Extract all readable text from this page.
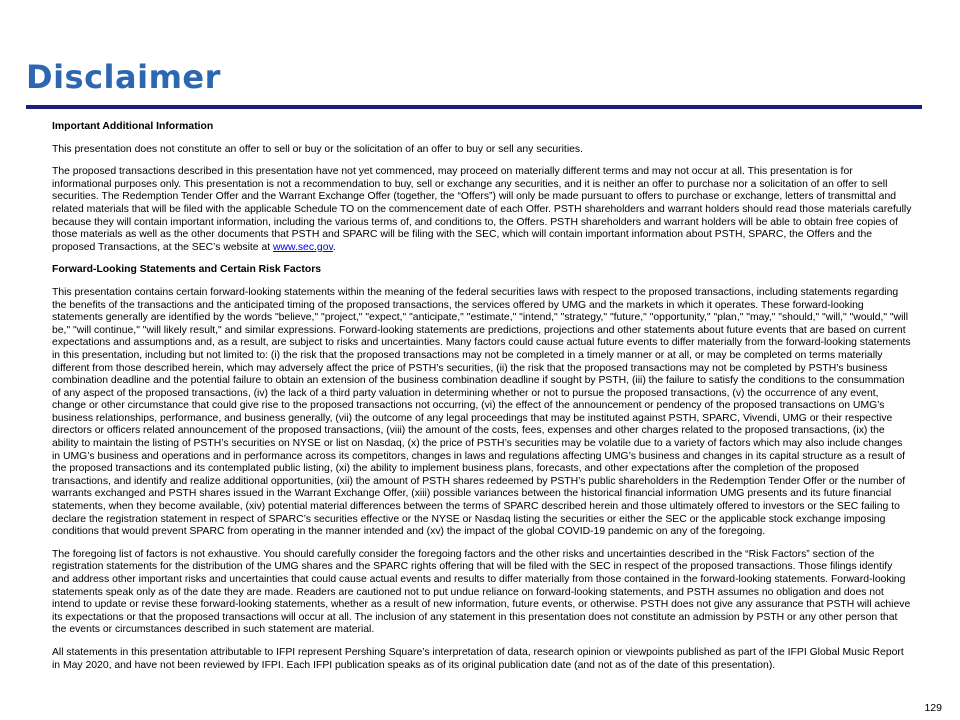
Disclaimer

Important Additional Information

This presentation does not constitute an offer to sell or buy or the solicitation of an offer to buy or sell any securities.

The proposed transactions described in this presentation have not yet commenced, may proceed on materially different terms and may not occur at all. This presentation is for informational purposes only. This presentation is not a recommendation to buy, sell or exchange any securities, and it is neither an offer to purchase nor a solicitation of an offer to sell securities. The Redemption Tender Offer and the Warrant Exchange Offer (together, the “Offers”) will only be made pursuant to offers to purchase or exchange, letters of transmittal and related materials that will be filed with the applicable Schedule TO on the commencement date of each Offer. PSTH shareholders and warrant holders should read those materials carefully because they will contain important information, including the various terms of, and conditions to, the Offers. PSTH shareholders and warrant holders will be able to obtain free copies of those materials as well as the other documents that PSTH and SPARC will be filing with the SEC, which will contain important information about PSTH, SPARC, the Offers and the proposed Transactions, at the SEC’s website at www.sec.gov.

Forward-Looking Statements and Certain Risk Factors

This presentation contains certain forward-looking statements within the meaning of the federal securities laws with respect to the proposed transactions, including statements regarding the benefits of the transactions and the anticipated timing of the proposed transactions, the services offered by UMG and the markets in which it operates. These forward-looking statements generally are identified by the words "believe," "project," "expect," "anticipate," "estimate," "intend," "strategy," "future," "opportunity," "plan," "may," "should," "will," "would," "will be," "will continue," "will likely result," and similar expressions. Forward-looking statements are predictions, projections and other statements about future events that are based on current expectations and assumptions and, as a result, are subject to risks and uncertainties. Many factors could cause actual future events to differ materially from the forward-looking statements in this presentation, including but not limited to: (i) the risk that the proposed transactions may not be completed in a timely manner or at all, or may be completed on terms materially different from those described herein, which may adversely affect the price of PSTH’s securities, (ii) the risk that the proposed transactions may not be completed by PSTH’s business combination deadline and the potential failure to obtain an extension of the business combination deadline if sought by PSTH, (iii) the failure to satisfy the conditions to the consummation of any aspect of the proposed transactions, (iv) the lack of a third party valuation in determining whether or not to pursue the proposed transactions, (v) the occurrence of any event, change or other circumstance that could give rise to the proposed transactions not occurring, (vi) the effect of the announcement or pendency of the proposed transactions on UMG’s business relationships, performance, and business generally, (vii) the outcome of any legal proceedings that may be instituted against PSTH, SPARC, Vivendi, UMG or their respective directors or officers related announcement of the proposed transactions, (viii) the amount of the costs, fees, expenses and other charges related to the proposed transactions, (ix) the ability to maintain the listing of PSTH’s securities on NYSE or list on Nasdaq, (x) the price of PSTH’s securities may be volatile due to a variety of factors which may also include changes in UMG’s business and operations and in performance across its competitors, changes in laws and regulations affecting UMG’s business and changes in its capital structure as a result of the proposed transactions and its contemplated public listing, (xi) the ability to implement business plans, forecasts, and other expectations after the completion of the proposed transactions, and identify and realize additional opportunities, (xii) the amount of PSTH shares redeemed by PSTH’s public shareholders in the Redemption Tender Offer or the number of warrants exchanged and PSTH shares issued in the Warrant Exchange Offer, (xiii) possible variances between the historical financial information UMG presents and its future financial statements, when they become available, (xiv) potential material differences between the terms of SPARC described herein and those ultimately offered to investors or the SEC failing to declare the registration statement in respect of SPARC’s securities effective or the NYSE or Nasdaq listing the securities or either the SEC or the applicable stock exchange imposing conditions that would prevent SPARC from operating in the manner intended and (xv) the impact of the global COVID-19 pandemic on any of the foregoing.

The foregoing list of factors is not exhaustive. You should carefully consider the foregoing factors and the other risks and uncertainties described in the “Risk Factors” section of the registration statements for the distribution of the UMG shares and the SPARC rights offering that will be filed with the SEC in respect of the proposed transactions. Those filings identify and address other important risks and uncertainties that could cause actual events and results to differ materially from those contained in the forward-looking statements. Forward-looking statements speak only as of the date they are made. Readers are cautioned not to put undue reliance on forward-looking statements, and PSTH assumes no obligation and does not intend to update or revise these forward-looking statements, whether as a result of new information, future events, or otherwise. PSTH does not give any assurance that PSTH will achieve its expectations or that the proposed transactions will occur at all. The inclusion of any statement in this presentation does not constitute an admission by PSTH or any other person that the events or circumstances described in such statement are material.

All statements in this presentation attributable to IFPI represent Pershing Square’s interpretation of data, research opinion or viewpoints published as part of the IFPI Global Music Report in May 2020, and have not been reviewed by IFPI. Each IFPI publication speaks as of its original publication date (and not as of the date of this presentation).

129
